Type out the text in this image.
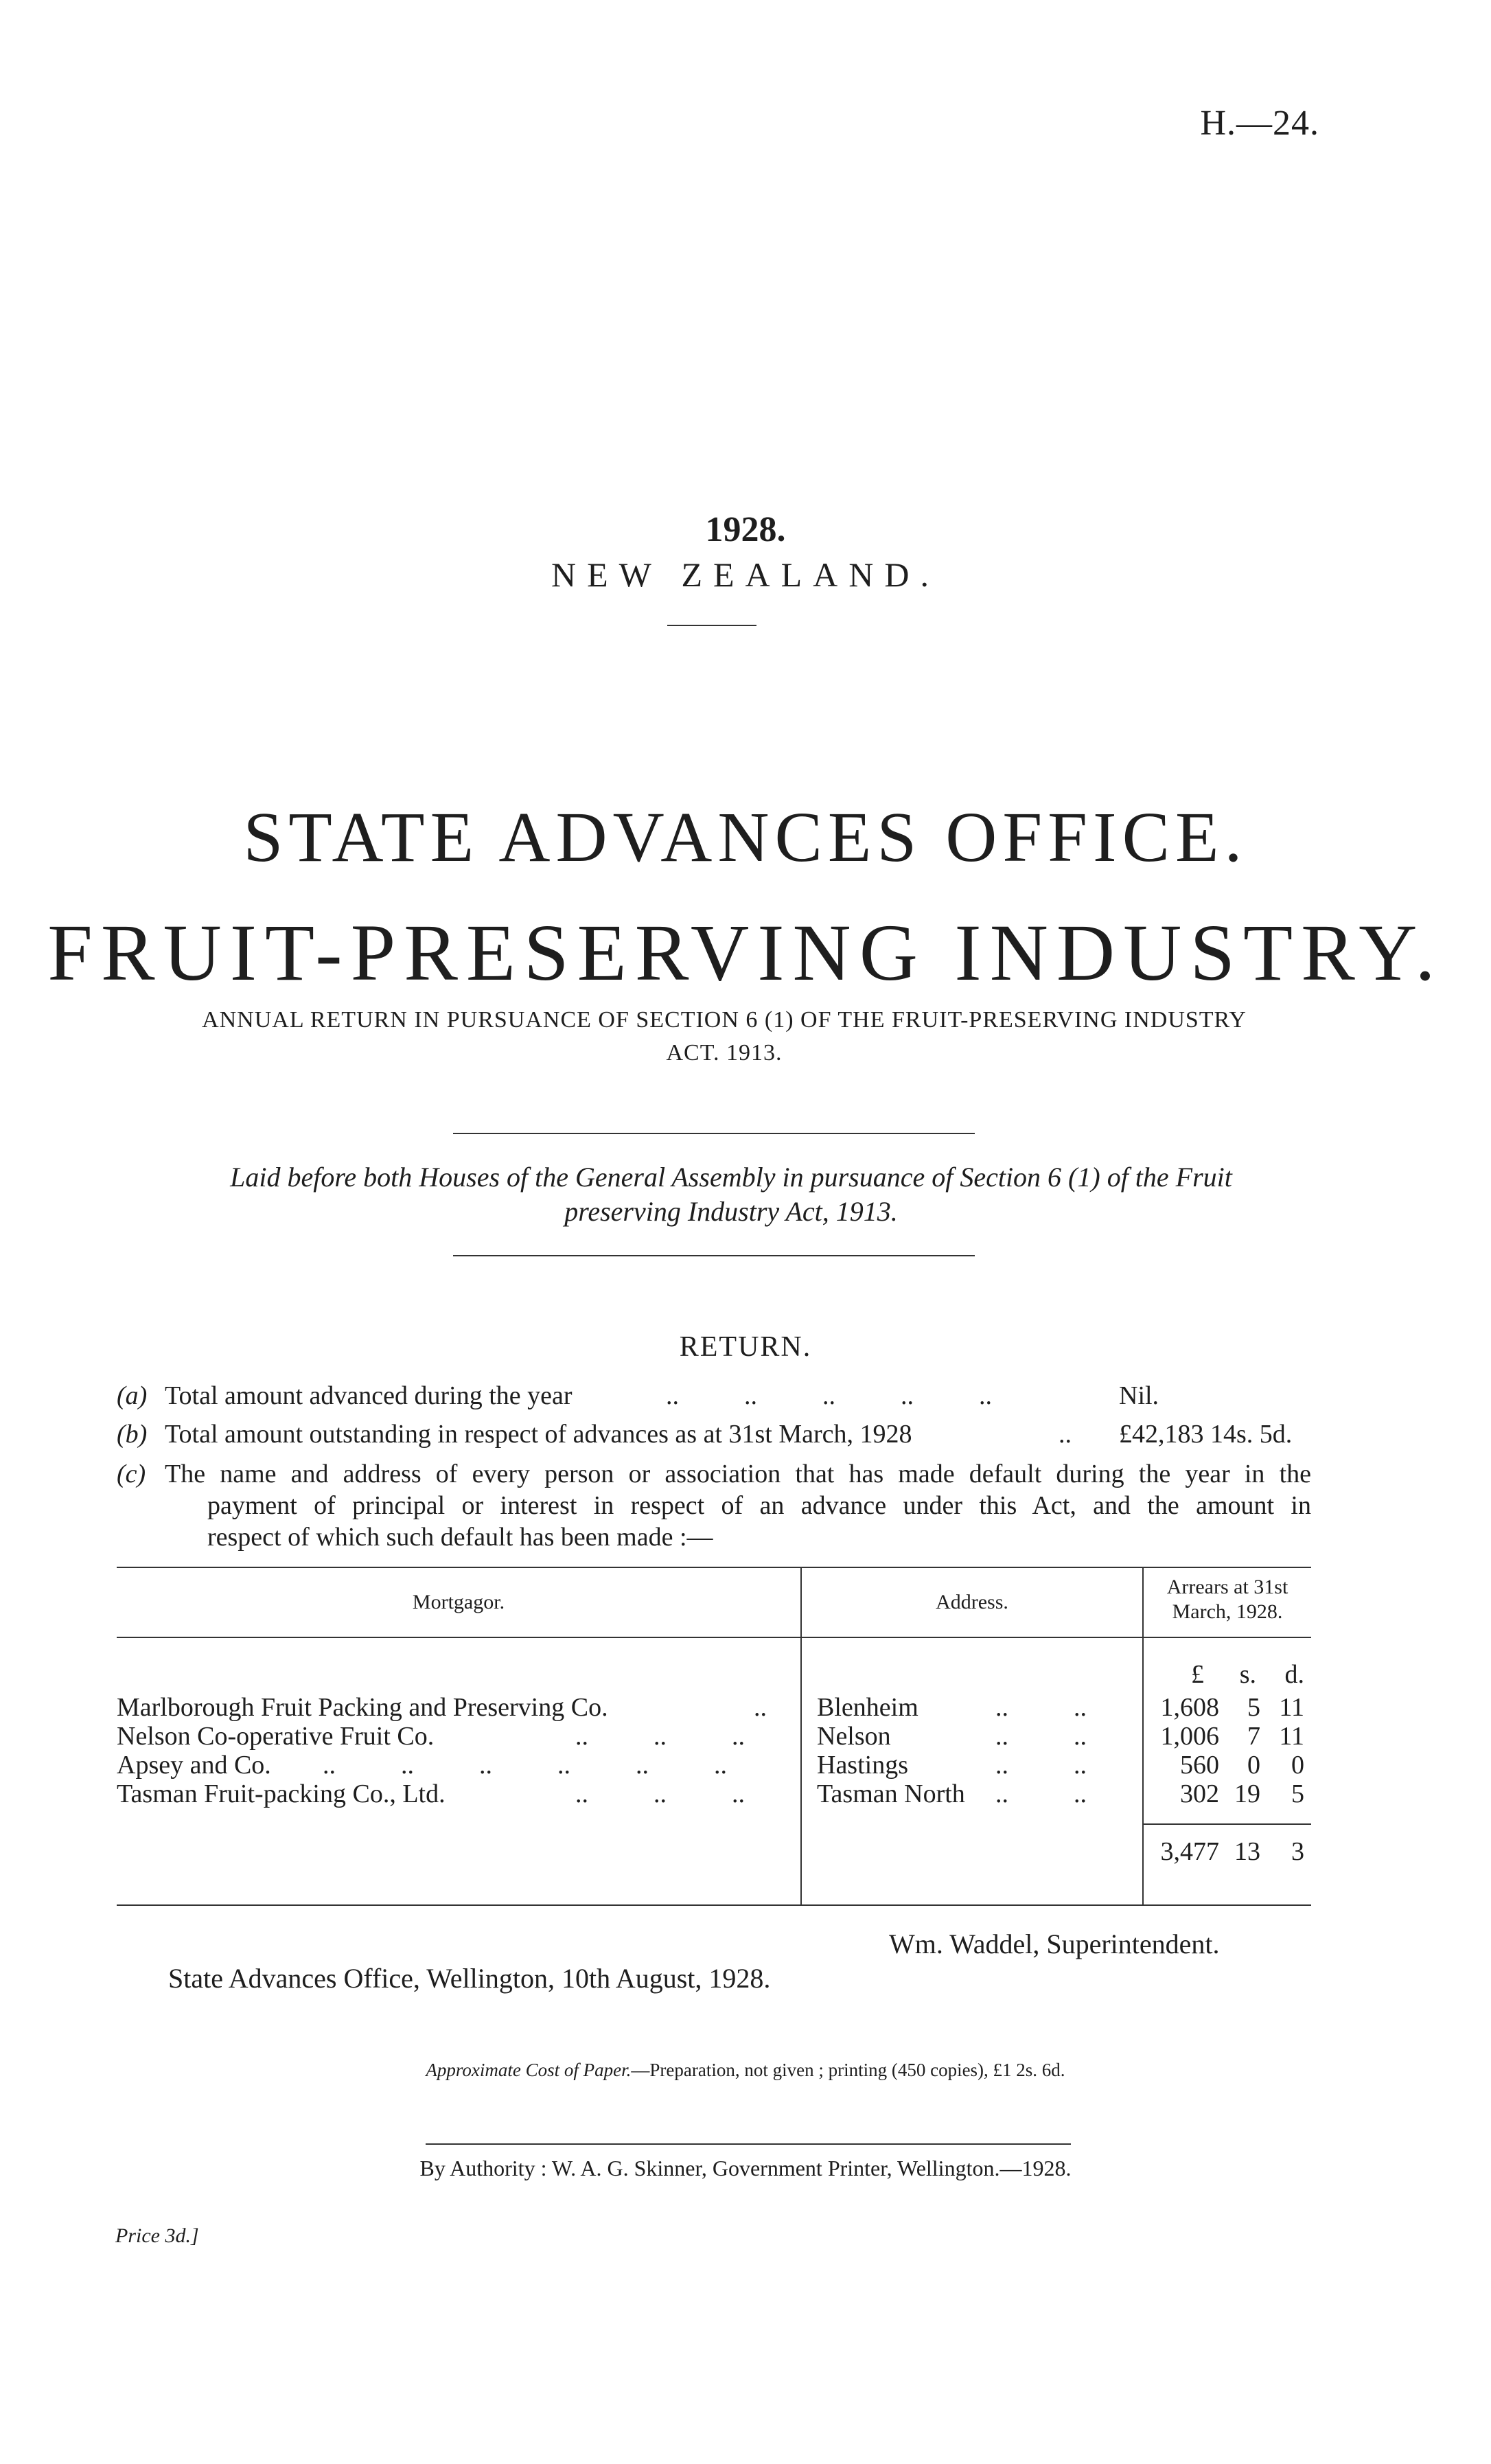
H.—24.
1928.
NEW ZEALAND.
STATE ADVANCES OFFICE.
FRUIT-PRESERVING INDUSTRY.
ANNUAL RETURN IN PURSUANCE OF SECTION 6 (1) OF THE FRUIT-PRESERVING INDUSTRY
ACT. 1913.
Laid before both Houses of the General Assembly in pursuance of Section 6 (1) of the Fruit
preserving Industry Act, 1913.
RETURN.
(a) Total amount advanced during the year	..          ..          ..          ..          ..	Nil.
(b) Total amount outstanding in respect of advances as at 31st March, 1928	.. £42,183 14s. 5d.
(c) The name and address of every person or association that has made default during the year in the
payment of principal or interest in respect of an advance under this Act, and the amount in
respect of which such default has been made :—
Mortgagor.	Address.
Arrears at 31st
March, 1928.
£	s.	d.
Marlborough Fruit Packing and Preserving Co.	.. Blenheim	..          ..	1,608	5 11
Nelson Co-operative Fruit Co.	..          ..          ..	Nelson	..          ..	1,006	7 11
Apsey and Co. ..          ..          ..          ..          ..          ..	Hastings	..          ..	560	0	0
Tasman Fruit-packing Co., Ltd.	..          ..          ..	Tasman North ..          ..	302 19	5
3,477 13	3
Wm. Waddel, Superintendent.
State Advances Office, Wellington, 10th August, 1928.
Approximate Cost of Paper.—Preparation, not given ; printing (450 copies), £1 2s. 6d.
By Authority : W. A. G. Skinner, Government Printer, Wellington.—1928.
Price 3d.]
